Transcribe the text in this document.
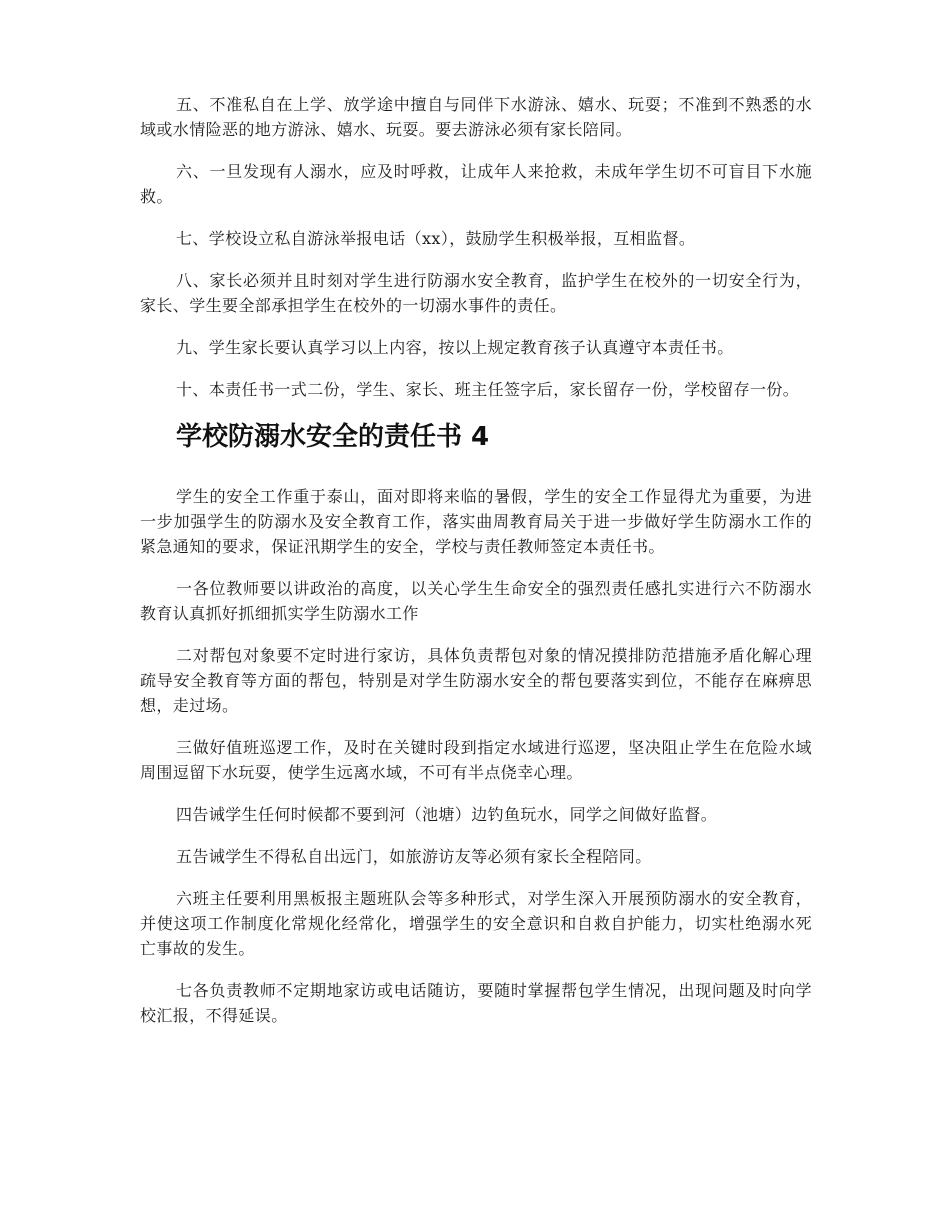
五、不准私自在上学、放学途中擅自与同伴下水游泳、嬉水、玩耍；不准到不熟悉的水域或水情险恶的地方游泳、嬉水、玩耍。要去游泳必须有家长陪同。

六、一旦发现有人溺水，应及时呼救，让成年人来抢救，未成年学生切不可盲目下水施救。

七、学校设立私自游泳举报电话（xx），鼓励学生积极举报，互相监督。

八、家长必须并且时刻对学生进行防溺水安全教育，监护学生在校外的一切安全行为，家长、学生要全部承担学生在校外的一切溺水事件的责任。

九、学生家长要认真学习以上内容，按以上规定教育孩子认真遵守本责任书。

十、本责任书一式二份，学生、家长、班主任签字后，家长留存一份，学校留存一份。

学校防溺水安全的责任书 4

学生的安全工作重于泰山，面对即将来临的暑假，学生的安全工作显得尤为重要，为进一步加强学生的防溺水及安全教育工作，落实曲周教育局关于进一步做好学生防溺水工作的紧急通知的要求，保证汛期学生的安全，学校与责任教师签定本责任书。

一各位教师要以讲政治的高度，以关心学生生命安全的强烈责任感扎实进行六不防溺水教育认真抓好抓细抓实学生防溺水工作

二对帮包对象要不定时进行家访，具体负责帮包对象的情况摸排防范措施矛盾化解心理疏导安全教育等方面的帮包，特别是对学生防溺水安全的帮包要落实到位，不能存在麻痹思想，走过场。

三做好值班巡逻工作，及时在关键时段到指定水域进行巡逻，坚决阻止学生在危险水域周围逗留下水玩耍，使学生远离水域，不可有半点侥幸心理。

四告诫学生任何时候都不要到河（池塘）边钓鱼玩水，同学之间做好监督。

五告诫学生不得私自出远门，如旅游访友等必须有家长全程陪同。

六班主任要利用黑板报主题班队会等多种形式，对学生深入开展预防溺水的安全教育，并使这项工作制度化常规化经常化，增强学生的安全意识和自救自护能力，切实杜绝溺水死亡事故的发生。

七各负责教师不定期地家访或电话随访，要随时掌握帮包学生情况，出现问题及时向学校汇报，不得延误。
